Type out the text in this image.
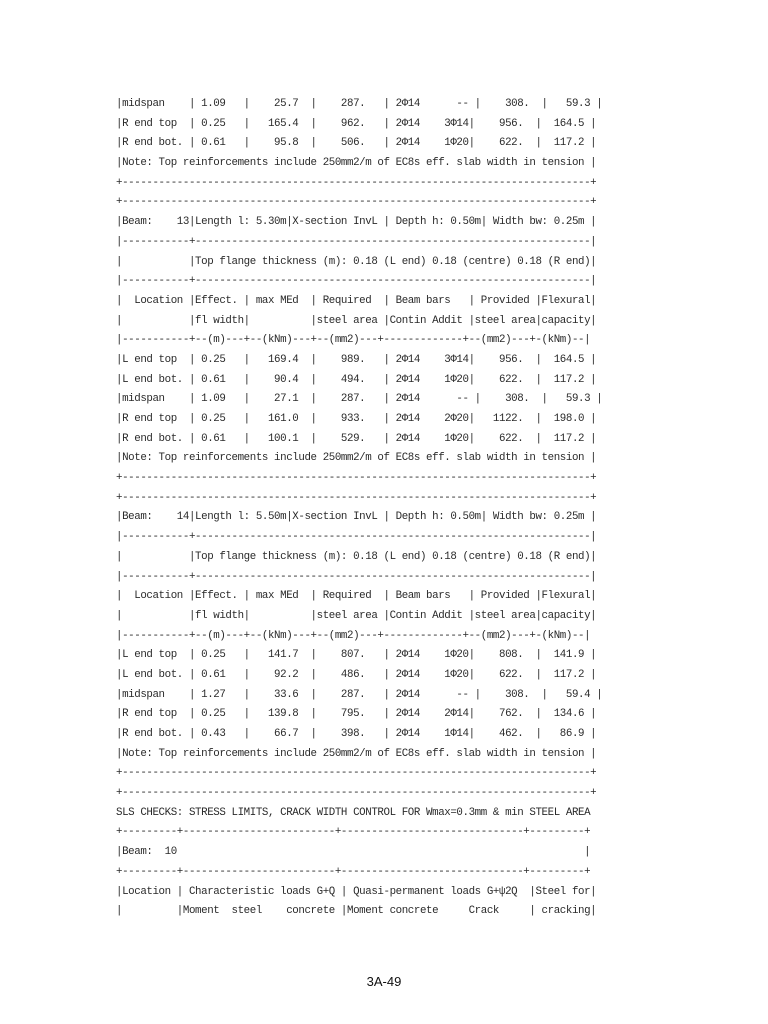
|midspan    | 1.09   |    25.7  |    287.   | 2Φ14      -- |    308.  |   59.3 |
|R end top  | 0.25   |   165.4  |    962.   | 2Φ14    3Φ14|    956.  |  164.5 |
|R end bot. | 0.61   |    95.8  |    506.   | 2Φ14    1Φ20|    622.  |  117.2 |
|Note: Top reinforcements include 250mm2/m of EC8s eff. slab width in tension |
+-----------------------------------------------------------------------------+
+-----------------------------------------------------------------------------+
|Beam:    13|Length l: 5.30m|X-section InvL | Depth h: 0.50m| Width bw: 0.25m |
|-----------+-----------------------------------------------------------------|
|           |Top flange thickness (m): 0.18 (L end) 0.18 (centre) 0.18 (R end)|
|-----------+-----------------------------------------------------------------|
|  Location |Effect. | max MEd  | Required  | Beam bars   | Provided |Flexural|
|           |fl width|          |steel area |Contin Addit |steel area|capacity|
|-----------+--(m)---+--(kNm)---+--(mm2)---+-------------+--(mm2)---+-(kNm)--|
|L end top  | 0.25   |   169.4  |    989.   | 2Φ14    3Φ14|    956.  |  164.5 |
|L end bot. | 0.61   |    90.4  |    494.   | 2Φ14    1Φ20|    622.  |  117.2 |
|midspan    | 1.09   |    27.1  |    287.   | 2Φ14      -- |    308.  |   59.3 |
|R end top  | 0.25   |   161.0  |    933.   | 2Φ14    2Φ20|   1122.  |  198.0 |
|R end bot. | 0.61   |   100.1  |    529.   | 2Φ14    1Φ20|    622.  |  117.2 |
|Note: Top reinforcements include 250mm2/m of EC8s eff. slab width in tension |
+-----------------------------------------------------------------------------+
+-----------------------------------------------------------------------------+
|Beam:    14|Length l: 5.50m|X-section InvL | Depth h: 0.50m| Width bw: 0.25m |
|-----------+-----------------------------------------------------------------|
|           |Top flange thickness (m): 0.18 (L end) 0.18 (centre) 0.18 (R end)|
|-----------+-----------------------------------------------------------------|
|  Location |Effect. | max MEd  | Required  | Beam bars   | Provided |Flexural|
|           |fl width|          |steel area |Contin Addit |steel area|capacity|
|-----------+--(m)---+--(kNm)---+--(mm2)---+-------------+--(mm2)---+-(kNm)--|
|L end top  | 0.25   |   141.7  |    807.   | 2Φ14    1Φ20|    808.  |  141.9 |
|L end bot. | 0.61   |    92.2  |    486.   | 2Φ14    1Φ20|    622.  |  117.2 |
|midspan    | 1.27   |    33.6  |    287.   | 2Φ14      -- |    308.  |   59.4 |
|R end top  | 0.25   |   139.8  |    795.   | 2Φ14    2Φ14|    762.  |  134.6 |
|R end bot. | 0.43   |    66.7  |    398.   | 2Φ14    1Φ14|    462.  |   86.9 |
|Note: Top reinforcements include 250mm2/m of EC8s eff. slab width in tension |
+-----------------------------------------------------------------------------+
+-----------------------------------------------------------------------------+
SLS CHECKS: STRESS LIMITS, CRACK WIDTH CONTROL FOR Wmax=0.3mm & min STEEL AREA
+---------+-------------------------+------------------------------+---------+
|Beam:  10                                                                   |
+---------+-------------------------+------------------------------+---------+
|Location | Characteristic loads G+Q | Quasi-permanent loads G+ψ2Q  |Steel for|
|         |Moment  steel    concrete |Moment concrete     Crack     | cracking|
3A-49
